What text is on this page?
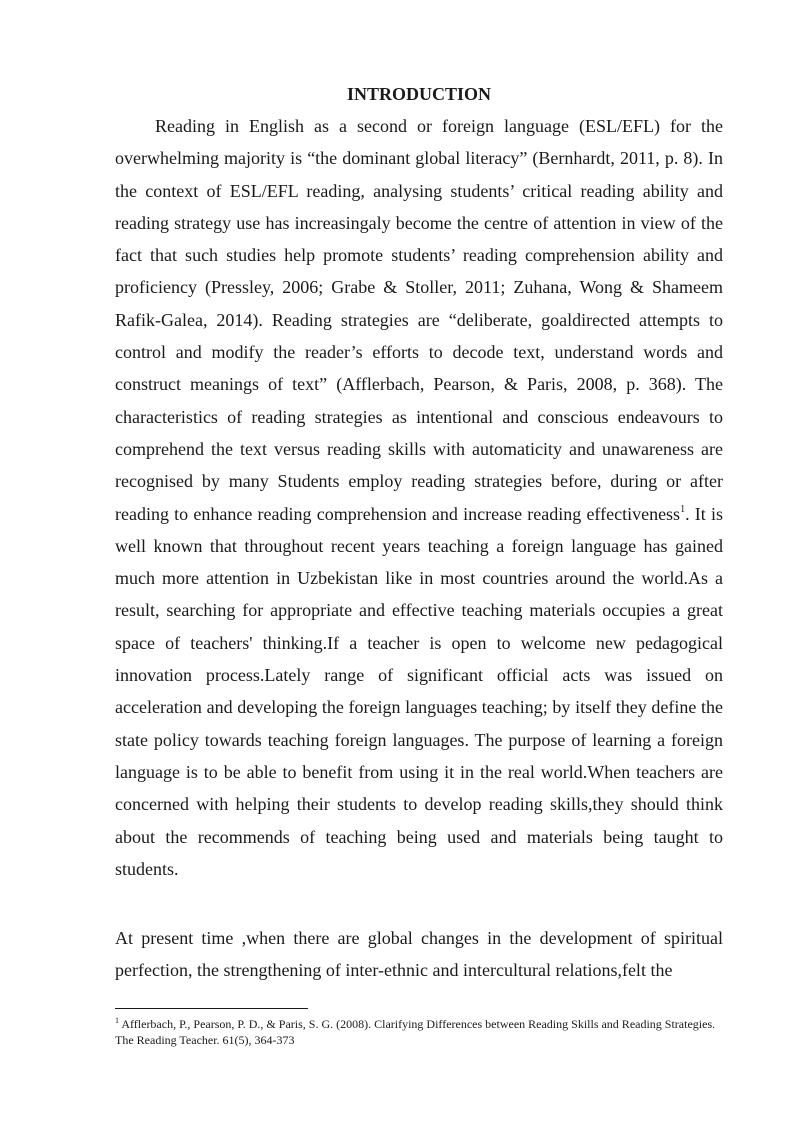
INTRODUCTION

Reading in English as a second or foreign language (ESL/EFL) for the overwhelming majority is “the dominant global literacy” (Bernhardt, 2011, p. 8). In the context of ESL/EFL reading, analysing students’ critical reading ability and reading strategy use has increasingaly become the centre of attention in view of the fact that such studies help promote students’ reading comprehension ability and proficiency (Pressley, 2006; Grabe & Stoller, 2011; Zuhana, Wong & Shameem Rafik-Galea, 2014). Reading strategies are “deliberate, goaldirected attempts to control and modify the reader’s efforts to decode text, understand words and construct meanings of text” (Afflerbach, Pearson, & Paris, 2008, p. 368). The characteristics of reading strategies as intentional and conscious endeavours to comprehend the text versus reading skills with automaticity and unawareness are recognised by many Students employ reading strategies before, during or after reading to enhance reading comprehension and increase reading effectiveness$^1$. It is well known that throughout recent years teaching a foreign language has gained much more attention in Uzbekistan like in most countries around the world.As a result, searching for appropriate and effective teaching materials occupies a great space of teachers' thinking.If a teacher is open to welcome new pedagogical innovation process.Lately range of significant official acts was issued on acceleration and developing the foreign languages teaching; by itself they define the state policy towards teaching foreign languages. The purpose of learning a foreign language is to be able to benefit from using it in the real world.When teachers are concerned with helping their students to develop reading skills,they should think about the recommends of teaching being used and materials being taught to students.

At present time ,when there are global changes in the development of spiritual perfection, the strengthening of inter-ethnic and intercultural relations,felt the

$^1$ Afflerbach, P., Pearson, P. D., & Paris, S. G. (2008). Clarifying Differences between Reading Skills and Reading Strategies. The Reading Teacher. 61(5), 364-373
